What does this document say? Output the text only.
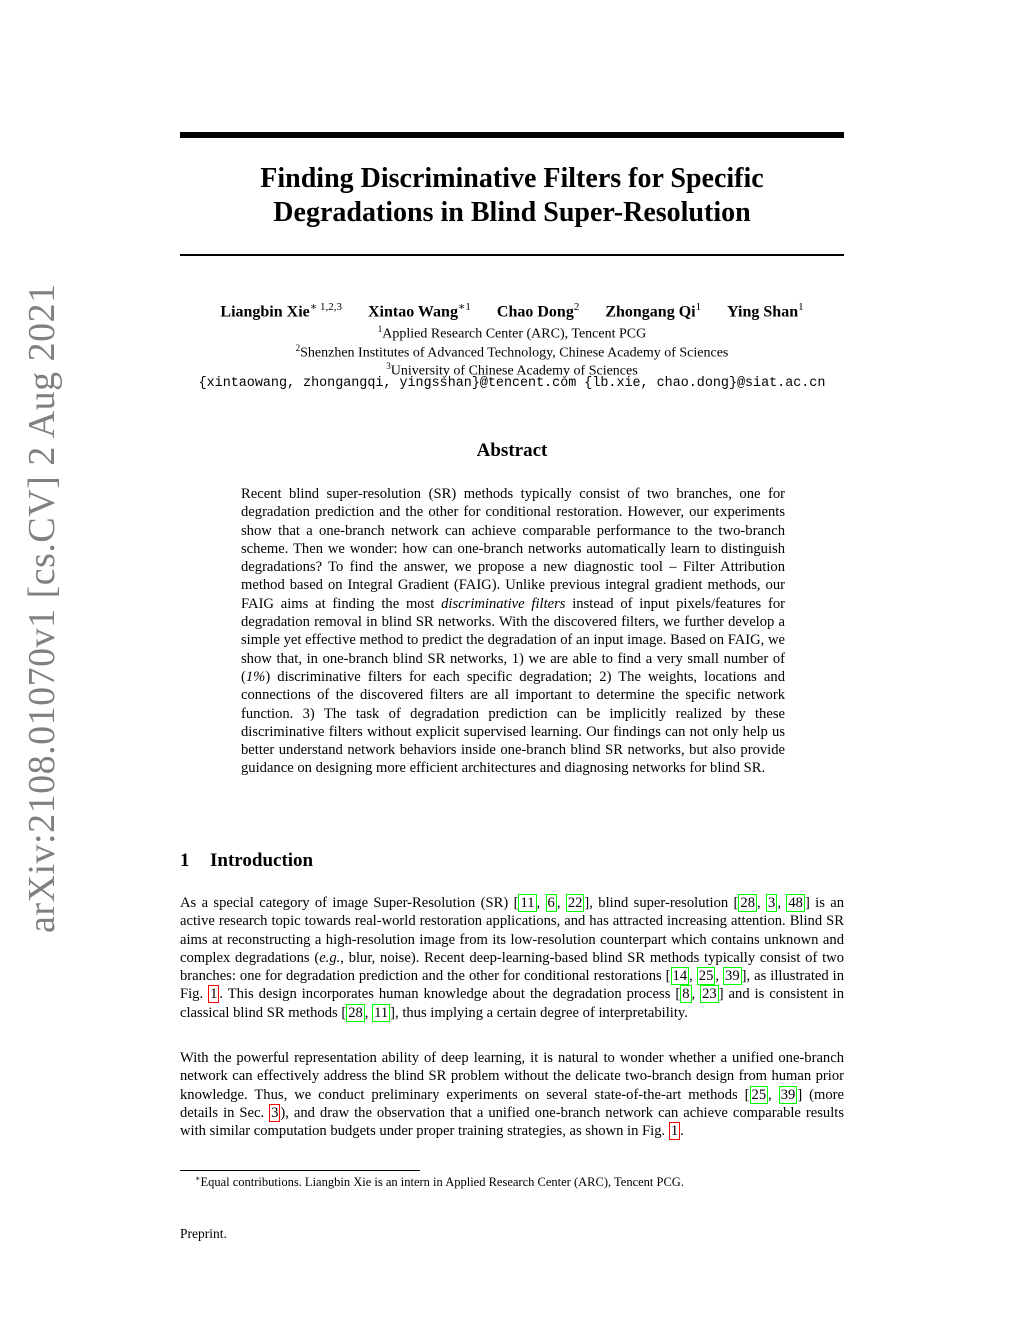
arXiv:2108.01070v1 [cs.CV] 2 Aug 2021
Finding Discriminative Filters for Specific
Degradations in Blind Super-Resolution
Liangbin Xie$^{∗ 1,2,3}$ Xintao Wang$^{∗1}$ Chao Dong$^2$ Zhongang Qi$^1$ Ying Shan$^1$
$^1$Applied Research Center (ARC), Tencent PCG
$^2$Shenzhen Institutes of Advanced Technology, Chinese Academy of Sciences
$^3$University of Chinese Academy of Sciences
{xintaowang, zhongangqi, yingsshan}@tencent.com {lb.xie, chao.dong}@siat.ac.cn
Abstract
Recent blind super-resolution (SR) methods typically consist of two branches, one for degradation prediction and the other for conditional restoration. However, our experiments show that a one-branch network can achieve comparable performance to the two-branch scheme. Then we wonder: how can one-branch networks automatically learn to distinguish degradations? To find the answer, we propose a new diagnostic tool – Filter Attribution method based on Integral Gradient (FAIG). Unlike previous integral gradient methods, our FAIG aims at finding the most discriminative filters instead of input pixels/features for degradation removal in blind SR networks. With the discovered filters, we further develop a simple yet effective method to predict the degradation of an input image. Based on FAIG, we show that, in one-branch blind SR networks, 1) we are able to find a very small number of (1%) discriminative filters for each specific degradation; 2) The weights, locations and connections of the discovered filters are all important to determine the specific network function. 3) The task of degradation prediction can be implicitly realized by these discriminative filters without explicit supervised learning. Our findings can not only help us better understand network behaviors inside one-branch blind SR networks, but also provide guidance on designing more efficient architectures and diagnosing networks for blind SR.
1 Introduction
As a special category of image Super-Resolution (SR) [ 11 , 6 , 22 ], blind super-resolution [ 28 , 3 , 48 ] is an active research topic towards real-world restoration applications, and has attracted increasing attention. Blind SR aims at reconstructing a high-resolution image from its low-resolution counterpart which contains unknown and complex degradations (e.g., blur, noise). Recent deep-learning-based blind SR methods typically consist of two branches: one for degradation prediction and the other for conditional restorations [ 14 , 25 , 39 ], as illustrated in Fig. 1 . This design incorporates human knowledge about the degradation process [ 8 , 23 ] and is consistent in classical blind SR methods [ 28 , 11 ], thus implying a certain degree of interpretability.
With the powerful representation ability of deep learning, it is natural to wonder whether a unified one-branch network can effectively address the blind SR problem without the delicate two-branch design from human prior knowledge. Thus, we conduct preliminary experiments on several state-of-the-art methods [ 25 , 39 ] (more details in Sec. 3 ), and draw the observation that a unified one-branch network can achieve comparable results with similar computation budgets under proper training strategies, as shown in Fig. 1 .
∗Equal contributions. Liangbin Xie is an intern in Applied Research Center (ARC), Tencent PCG.
Preprint.
